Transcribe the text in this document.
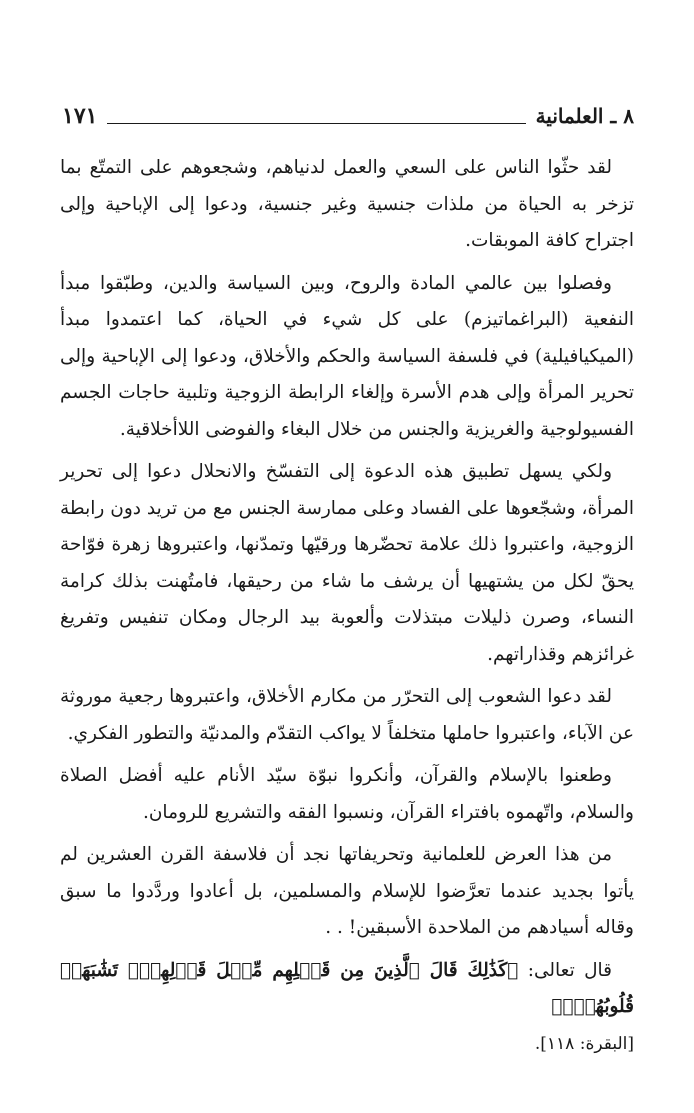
٨ ـ العلمانية
١٧١

لقد حثّوا الناس على السعي والعمل لدنياهم، وشجعوهم على التمتّع بما تزخر به الحياة من ملذات جنسية وغير جنسية، ودعوا إلى الإباحية وإلى اجتراح كافة الموبقات.

وفصلوا بين عالمي المادة والروح، وبين السياسة والدين، وطبّقوا مبدأ النفعية (البراغماتيزم) على كل شيء في الحياة، كما اعتمدوا مبدأ (الميكيافيلية) في فلسفة السياسة والحكم والأخلاق، ودعوا إلى الإباحية وإلى تحرير المرأة وإلى هدم الأسرة وإلغاء الرابطة الزوجية وتلبية حاجات الجسم الفسيولوجية والغريزية والجنس من خلال البغاء والفوضى اللاأخلاقية.

ولكي يسهل تطبيق هذه الدعوة إلى التفسّخ والانحلال دعوا إلى تحرير المرأة، وشجّعوها على الفساد وعلى ممارسة الجنس مع من تريد دون رابطة الزوجية، واعتبروا ذلك علامة تحضّرها ورقيّها وتمدّنها، واعتبروها زهرة فوّاحة يحقّ لكل من يشتهيها أن يرشف ما شاء من رحيقها، فامتُهنت بذلك كرامة النساء، وصرن ذليلات مبتذلات وألعوبة بيد الرجال ومكان تنفيس وتفريغ غرائزهم وقذاراتهم.

لقد دعوا الشعوب إلى التحرّر من مكارم الأخلاق، واعتبروها رجعية موروثة عن الآباء، واعتبروا حاملها متخلفاً لا يواكب التقدّم والمدنيّة والتطور الفكري.

وطعنوا بالإسلام والقرآن، وأنكروا نبوّة سيّد الأنام عليه أفضل الصلاة والسلام، واتّهموه بافتراء القرآن، ونسبوا الفقه والتشريع للرومان.

من هذا العرض للعلمانية وتحريفاتها نجد أن فلاسفة القرن العشرين لم يأتوا بجديد عندما تعرَّضوا للإسلام والمسلمين، بل أعادوا وردَّدوا ما سبق وقاله أسيادهم من الملاحدة الأسبقين! . .

قال تعالى: ﴿كَذَٰلِكَ قَالَ ٱلَّذِينَ مِن قَبۡلِهِم مِّثۡلَ قَوۡلِهِمۡۘ تَشَٰبَهَتۡ قُلُوبُهُمۡۗ﴾
[البقرة: ١١٨].
